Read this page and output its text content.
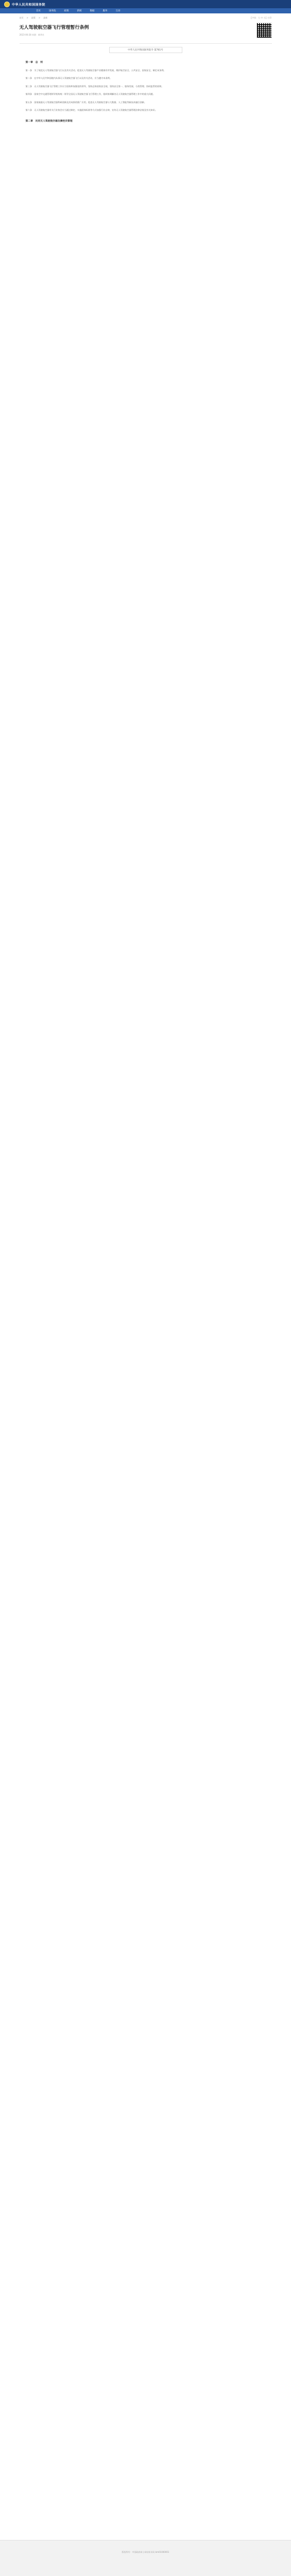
中华人民共和国国务院
首页	国务院	政策	新闻	数据	服务	互动
首页 > 政策 > 最新	【字体：大 中 小】打印
无人驾驶航空器飞行管理暂行条例
2023-06-28 来源：新华社
中华人民共和国国务院令 第761号
第一章　总　则

第一条　为了规范无人驾驶航空器飞行以及有关活动，促进无人驾驶航空器产业健康有序发展，维护航空安全、公共安全、国家安全，制定本条例。

第二条　在中华人民共和国境内从事无人驾驶航空器飞行以及有关活动，应当遵守本条例。

第三条　无人驾驶航空器飞行管理工作应当坚持和加强党的领导，坚持总体国家安全观，坚持安全第一、服务发展、分类管理、协同监管的原则。

第四条　国家空中交通管理领导机构统一领导全国无人驾驶航空器飞行管理工作，组织协调解决无人驾驶航空器管理工作中的重大问题。

第五条　国家鼓励无人驾驶航空器科研创新及其成果的推广应用，促进无人驾驶航空器与大数据、人工智能等新技术融合创新。

第六条　无人驾驶航空器有关行业协会应当通过制定、实施团体标准等方式加强行业自律，宣传无人驾驶航空器管理法律法规及有关知识。

第二章　民用无人驾驶航空器及操控员管理
版权所有：中国政府网 | 网站标识码 bm01000001
